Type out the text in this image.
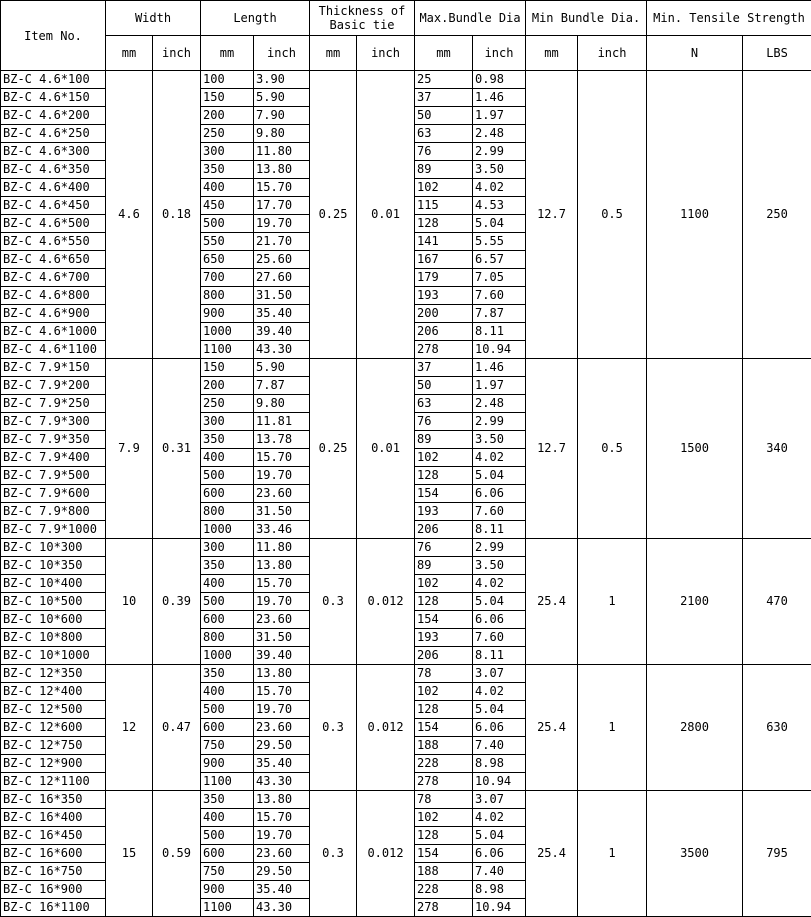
Item No.	Width		Length		Thickness of Basic tie		Max.Bundle Dia		Min Bundle Dia.		Min. Tensile Strength	
	mm	inch	mm	inch	mm	inch	mm	inch	mm	inch	N	LBS
BZ-C 4.6*100	4.6	0.18	100	3.90	0.25	0.01	25	0.98	12.7	0.5	1100	250
BZ-C 4.6*150			150	5.90			37	1.46				
BZ-C 4.6*200			200	7.90			50	1.97				
BZ-C 4.6*250			250	9.80			63	2.48				
BZ-C 4.6*300			300	11.80			76	2.99				
BZ-C 4.6*350			350	13.80			89	3.50				
BZ-C 4.6*400			400	15.70			102	4.02				
BZ-C 4.6*450			450	17.70			115	4.53				
BZ-C 4.6*500			500	19.70			128	5.04				
BZ-C 4.6*550			550	21.70			141	5.55				
BZ-C 4.6*650			650	25.60			167	6.57				
BZ-C 4.6*700			700	27.60			179	7.05				
BZ-C 4.6*800			800	31.50			193	7.60				
BZ-C 4.6*900			900	35.40			200	7.87				
BZ-C 4.6*1000			1000	39.40			206	8.11				
BZ-C 4.6*1100			1100	43.30			278	10.94				
BZ-C 7.9*150	7.9	0.31	150	5.90	0.25	0.01	37	1.46	12.7	0.5	1500	340
BZ-C 7.9*200			200	7.87			50	1.97				
BZ-C 7.9*250			250	9.80			63	2.48				
BZ-C 7.9*300			300	11.81			76	2.99				
BZ-C 7.9*350			350	13.78			89	3.50				
BZ-C 7.9*400			400	15.70			102	4.02				
BZ-C 7.9*500			500	19.70			128	5.04				
BZ-C 7.9*600			600	23.60			154	6.06				
BZ-C 7.9*800			800	31.50			193	7.60				
BZ-C 7.9*1000			1000	33.46			206	8.11				
BZ-C 10*300	10	0.39	300	11.80	0.3	0.012	76	2.99	25.4	1	2100	470
BZ-C 10*350			350	13.80			89	3.50				
BZ-C 10*400			400	15.70			102	4.02				
BZ-C 10*500			500	19.70			128	5.04				
BZ-C 10*600			600	23.60			154	6.06				
BZ-C 10*800			800	31.50			193	7.60				
BZ-C 10*1000			1000	39.40			206	8.11				
BZ-C 12*350	12	0.47	350	13.80	0.3	0.012	78	3.07	25.4	1	2800	630
BZ-C 12*400			400	15.70			102	4.02				
BZ-C 12*500			500	19.70			128	5.04				
BZ-C 12*600			600	23.60			154	6.06				
BZ-C 12*750			750	29.50			188	7.40				
BZ-C 12*900			900	35.40			228	8.98				
BZ-C 12*1100			1100	43.30			278	10.94				
BZ-C 16*350	15	0.59	350	13.80	0.3	0.012	78	3.07	25.4	1	3500	795
BZ-C 16*400			400	15.70			102	4.02				
BZ-C 16*450			500	19.70			128	5.04				
BZ-C 16*600			600	23.60			154	6.06				
BZ-C 16*750			750	29.50			188	7.40				
BZ-C 16*900			900	35.40			228	8.98				
BZ-C 16*1100			1100	43.30			278	10.94				
